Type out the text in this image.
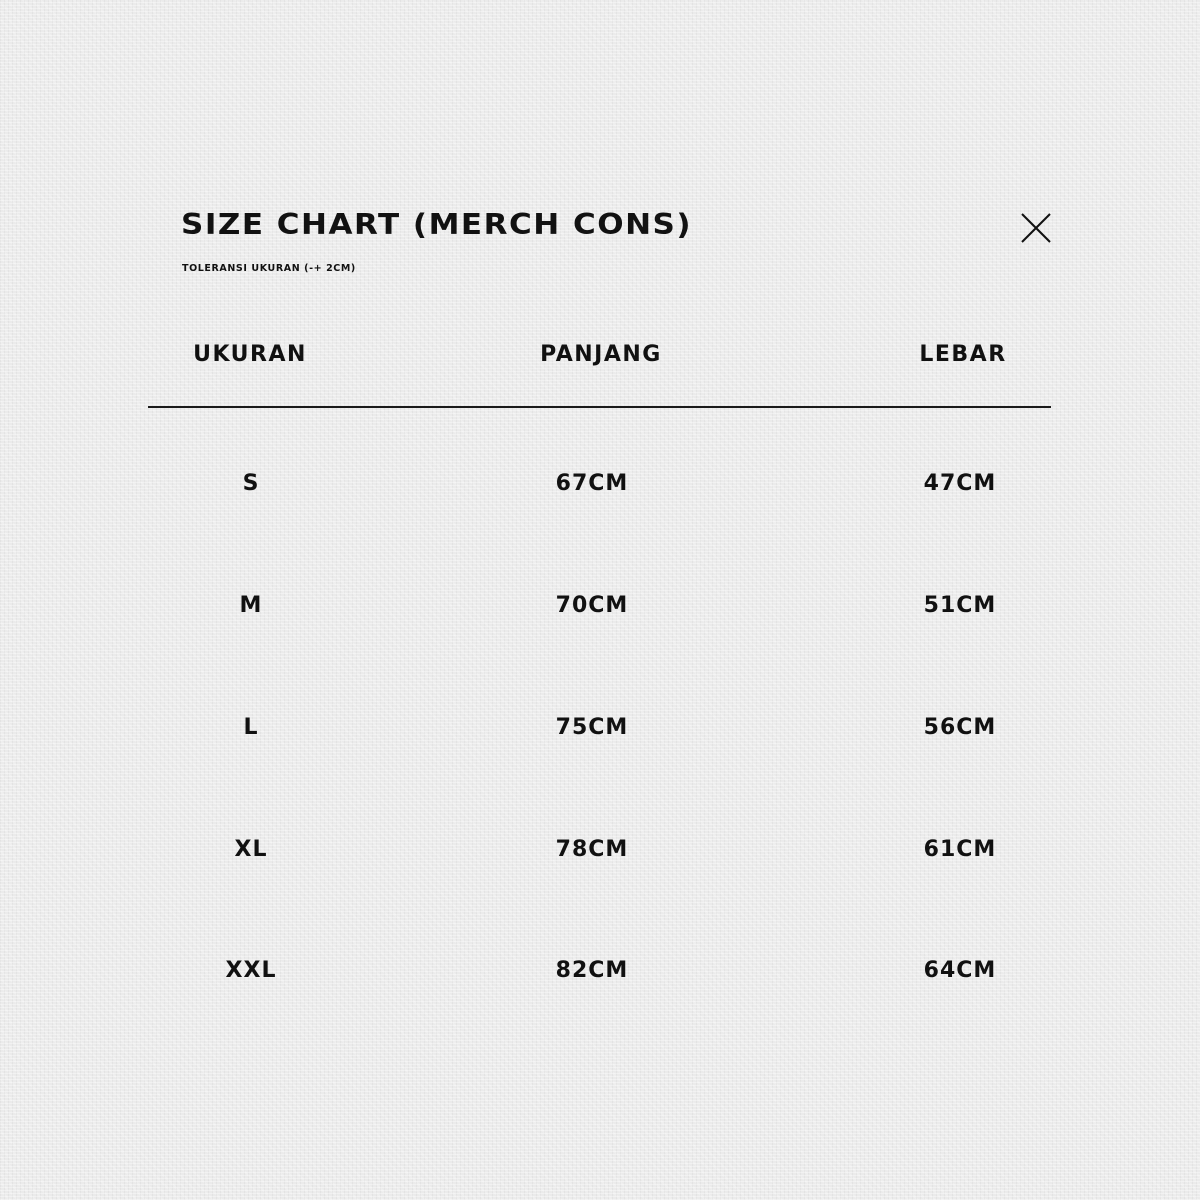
SIZE CHART (MERCH CONS)
TOLERANSI UKURAN (-+ 2CM)
UKURAN	PANJANG	LEBAR
S	67CM	47CM
M	70CM	51CM
L	75CM	56CM
XL	78CM	61CM
XXL	82CM	64CM
